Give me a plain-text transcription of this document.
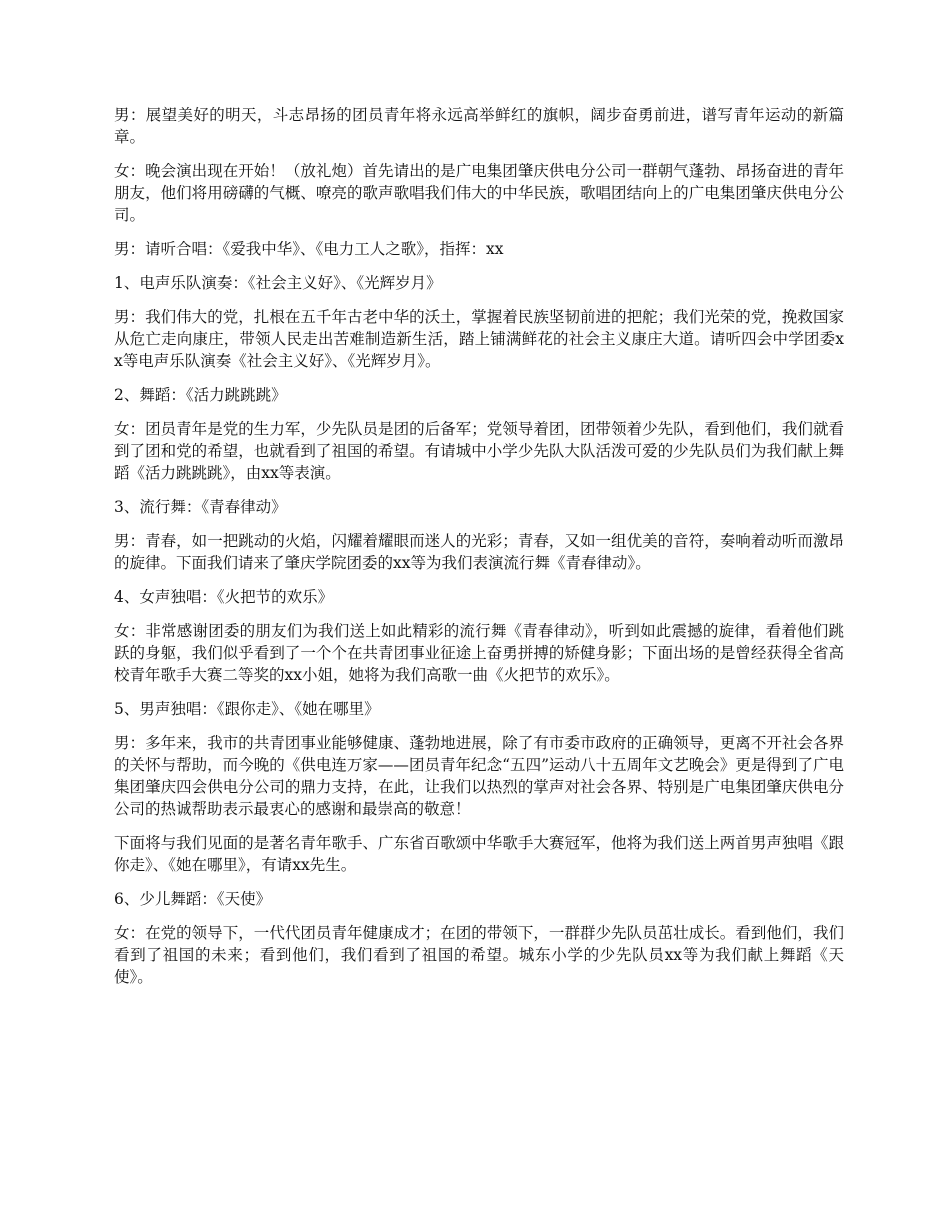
男：展望美好的明天，斗志昂扬的团员青年将永远高举鲜红的旗帜，阔步奋勇前进，谱写青年运动的新篇章。

女：晚会演出现在开始！（放礼炮）首先请出的是广电集团肇庆供电分公司一群朝气蓬勃、昂扬奋进的青年朋友，他们将用磅礴的气概、嘹亮的歌声歌唱我们伟大的中华民族，歌唱团结向上的广电集团肇庆供电分公司。

男：请听合唱：《爱我中华》、《电力工人之歌》，指挥：xx

1、电声乐队演奏：《社会主义好》、《光辉岁月》

男：我们伟大的党，扎根在五千年古老中华的沃土，掌握着民族坚韧前进的把舵；我们光荣的党，挽救国家从危亡走向康庄，带领人民走出苦难制造新生活，踏上铺满鲜花的社会主义康庄大道。请听四会中学团委xx等电声乐队演奏《社会主义好》、《光辉岁月》。

2、舞蹈：《活力跳跳跳》

女：团员青年是党的生力军，少先队员是团的后备军；党领导着团，团带领着少先队，看到他们，我们就看到了团和党的希望，也就看到了祖国的希望。有请城中小学少先队大队活泼可爱的少先队员们为我们献上舞蹈《活力跳跳跳》，由xx等表演。

3、流行舞：《青春律动》

男：青春，如一把跳动的火焰，闪耀着耀眼而迷人的光彩；青春，又如一组优美的音符，奏响着动听而激昂的旋律。下面我们请来了肇庆学院团委的xx等为我们表演流行舞《青春律动》。

4、女声独唱：《火把节的欢乐》

女：非常感谢团委的朋友们为我们送上如此精彩的流行舞《青春律动》，听到如此震撼的旋律，看着他们跳跃的身躯，我们似乎看到了一个个在共青团事业征途上奋勇拼搏的矫健身影；下面出场的是曾经获得全省高校青年歌手大赛二等奖的xx小姐，她将为我们高歌一曲《火把节的欢乐》。

5、男声独唱：《跟你走》、《她在哪里》

男：多年来，我市的共青团事业能够健康、蓬勃地进展，除了有市委市政府的正确领导，更离不开社会各界的关怀与帮助，而今晚的《供电连万家——团员青年纪念“五四”运动八十五周年文艺晚会》更是得到了广电集团肇庆四会供电分公司的鼎力支持，在此，让我们以热烈的掌声对社会各界、特别是广电集团肇庆供电分公司的热诚帮助表示最衷心的感谢和最崇高的敬意！

下面将与我们见面的是著名青年歌手、广东省百歌颂中华歌手大赛冠军，他将为我们送上两首男声独唱《跟你走》、《她在哪里》，有请xx先生。

6、少儿舞蹈：《天使》

女：在党的领导下，一代代团员青年健康成才；在团的带领下，一群群少先队员茁壮成长。看到他们，我们看到了祖国的未来；看到他们，我们看到了祖国的希望。城东小学的少先队员xx等为我们献上舞蹈《天使》。
